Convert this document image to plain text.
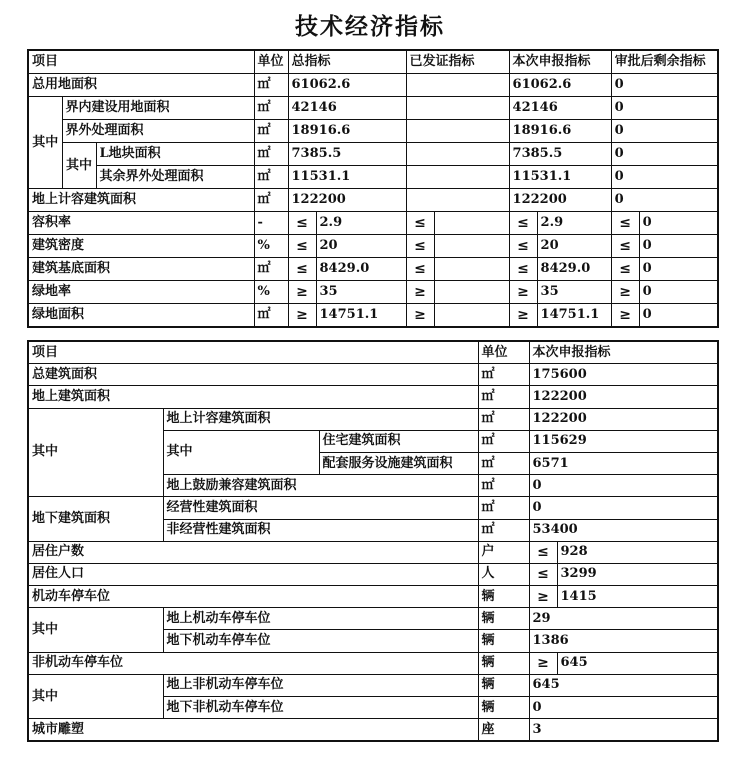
技术经济指标
项目			单位	总指标		已发证指标		本次申报指标		审批后剩余指标	
总用地面积			㎡	61062.6				61062.6		0	
其中	界内建设用地面积		㎡	42146				42146		0	
	界外处理面积		㎡	18916.6				18916.6		0	
	其中	L地块面积	㎡	7385.5				7385.5		0	
		其余界外处理面积	㎡	11531.1				11531.1		0	
地上计容建筑面积			㎡	122200				122200		0	
容积率			-	≤	2.9	≤		≤	2.9	≤	0
建筑密度			%	≤	20	≤		≤	20	≤	0
建筑基底面积			㎡	≤	8429.0	≤		≤	8429.0	≤	0
绿地率			%	≥	35	≥		≥	35	≥	0
绿地面积			㎡	≥	14751.1	≥		≥	14751.1	≥	0
项目			单位	本次申报指标	
总建筑面积			㎡	175600	
地上建筑面积			㎡	122200	
其中	地上计容建筑面积		㎡	122200	
	其中	住宅建筑面积	㎡	115629	
		配套服务设施建筑面积	㎡	6571	
	地上鼓励兼容建筑面积		㎡	0	
地下建筑面积	经营性建筑面积		㎡	0	
	非经营性建筑面积		㎡	53400	
居住户数			户	≤	928
居住人口			人	≤	3299
机动车停车位			辆	≥	1415
其中	地上机动车停车位		辆	29	
	地下机动车停车位		辆	1386	
非机动车停车位			辆	≥	645
其中	地上非机动车停车位		辆	645	
	地下非机动车停车位		辆	0	
城市雕塑			座	3	
